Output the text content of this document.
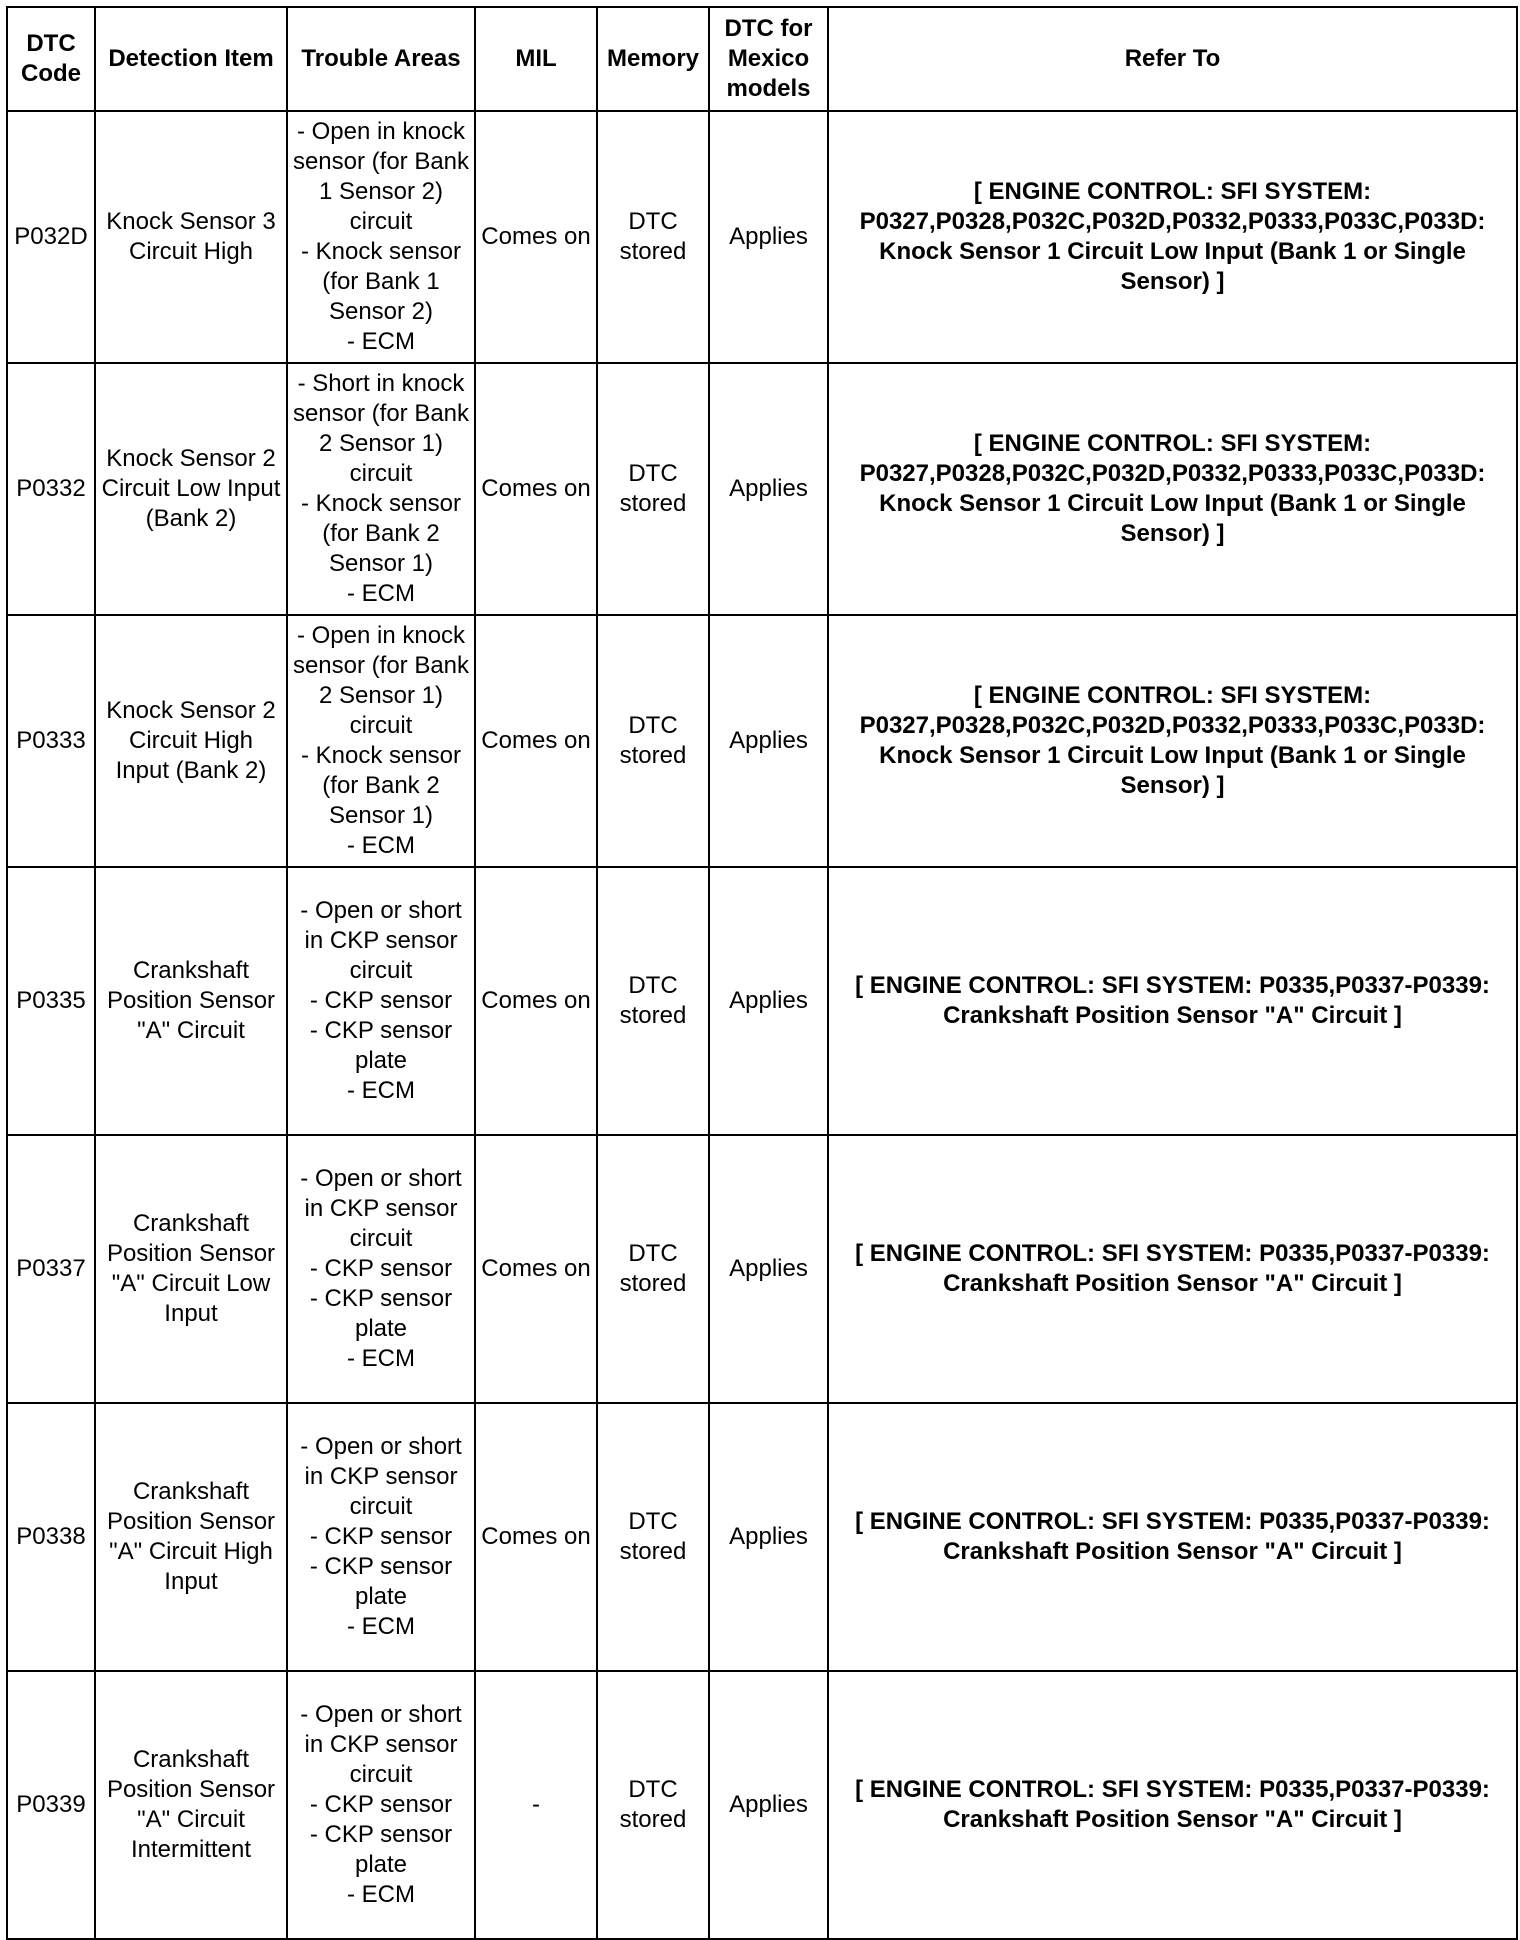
DTC Code	Detection Item	Trouble Areas	MIL	Memory	DTC for Mexico models	Refer To
P032D	Knock Sensor 3 Circuit High	- Open in knock sensor (for Bank 1 Sensor 2) circuit
- Knock sensor (for Bank 1 Sensor 2)
- ECM	Comes on	DTC stored	Applies	[ ENGINE CONTROL: SFI SYSTEM: P0327,P0328,P032C,P032D,P0332,P0333,P033C,P033D: Knock Sensor 1 Circuit Low Input (Bank 1 or Single Sensor) ]
P0332	Knock Sensor 2 Circuit Low Input (Bank 2)	- Short in knock sensor (for Bank 2 Sensor 1) circuit
- Knock sensor (for Bank 2 Sensor 1)
- ECM	Comes on	DTC stored	Applies	[ ENGINE CONTROL: SFI SYSTEM: P0327,P0328,P032C,P032D,P0332,P0333,P033C,P033D: Knock Sensor 1 Circuit Low Input (Bank 1 or Single Sensor) ]
P0333	Knock Sensor 2 Circuit High Input (Bank 2)	- Open in knock sensor (for Bank 2 Sensor 1) circuit
- Knock sensor (for Bank 2 Sensor 1)
- ECM	Comes on	DTC stored	Applies	[ ENGINE CONTROL: SFI SYSTEM: P0327,P0328,P032C,P032D,P0332,P0333,P033C,P033D: Knock Sensor 1 Circuit Low Input (Bank 1 or Single Sensor) ]
P0335	Crankshaft Position Sensor "A" Circuit	- Open or short in CKP sensor circuit
- CKP sensor
- CKP sensor plate
- ECM	Comes on	DTC stored	Applies	[ ENGINE CONTROL: SFI SYSTEM: P0335,P0337-P0339: Crankshaft Position Sensor "A" Circuit ]
P0337	Crankshaft Position Sensor "A" Circuit Low Input	- Open or short in CKP sensor circuit
- CKP sensor
- CKP sensor plate
- ECM	Comes on	DTC stored	Applies	[ ENGINE CONTROL: SFI SYSTEM: P0335,P0337-P0339: Crankshaft Position Sensor "A" Circuit ]
P0338	Crankshaft Position Sensor "A" Circuit High Input	- Open or short in CKP sensor circuit
- CKP sensor
- CKP sensor plate
- ECM	Comes on	DTC stored	Applies	[ ENGINE CONTROL: SFI SYSTEM: P0335,P0337-P0339: Crankshaft Position Sensor "A" Circuit ]
P0339	Crankshaft Position Sensor "A" Circuit Intermittent	- Open or short in CKP sensor circuit
- CKP sensor
- CKP sensor plate
- ECM	-	DTC stored	Applies	[ ENGINE CONTROL: SFI SYSTEM: P0335,P0337-P0339: Crankshaft Position Sensor "A" Circuit ]
